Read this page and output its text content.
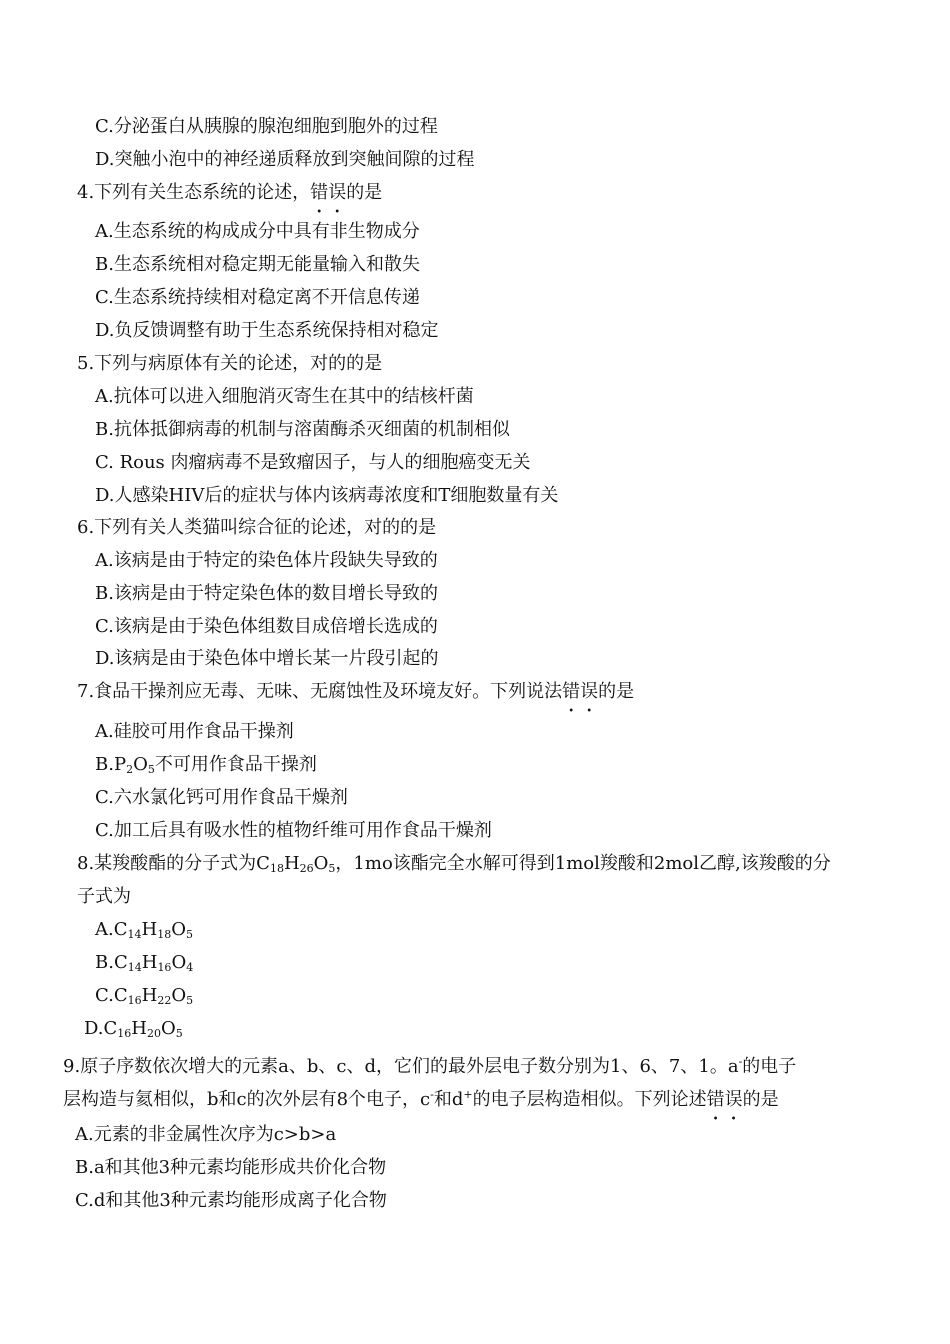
C.分泌蛋白从胰腺的腺泡细胞到胞外的过程
D.突触小泡中的神经递质释放到突触间隙的过程
4.下列有关生态系统的论述，错误的是
A.生态系统的构成成分中具有非生物成分
B.生态系统相对稳定期无能量输入和散失
C.生态系统持续相对稳定离不开信息传递
D.负反馈调整有助于生态系统保持相对稳定
5.下列与病原体有关的论述，对的的是
A.抗体可以进入细胞消灭寄生在其中的结核杆菌
B.抗体抵御病毒的机制与溶菌酶杀灭细菌的机制相似
C. Rous 肉瘤病毒不是致瘤因子，与人的细胞癌变无关
D.人感染HIV后的症状与体内该病毒浓度和T细胞数量有关
6.下列有关人类猫叫综合征的论述，对的的是
A.该病是由于特定的染色体片段缺失导致的
B.该病是由于特定染色体的数目增长导致的
C.该病是由于染色体组数目成倍增长选成的
D.该病是由于染色体中增长某一片段引起的
7.食品干操剂应无毒、无味、无腐蚀性及环境友好。下列说法错误的是
A.硅胶可用作食品干操剂
$B.P_2O_5$不可用作食品干操剂
C.六水氯化钙可用作食品干燥剂
C.加工后具有吸水性的植物纤维可用作食品干燥剂
8.某羧酸酯的分子式为$C_{18}H_{26}O_5$，1mo该酯完全水解可得到1mol羧酸和2mol乙醇,该羧酸的分
子式为
$A.C_{14}H_{18}O_5$
$B.C_{14}H_{16}O_4$
$C.C_{16}H_{22}O_5$
$D.C_{16}H_{20}O_5$
9.原子序数依次增大的元素a、b、c、d，它们的最外层电子数分别为1、6、7、1。a-的电子
层构造与氦相似，b和c的次外层有8个电子，c-和d+的电子层构造相似。下列论述错误的是
A.元素的非金属性次序为c>b>a
B.a和其他3种元素均能形成共价化合物
C.d和其他3种元素均能形成离子化合物
